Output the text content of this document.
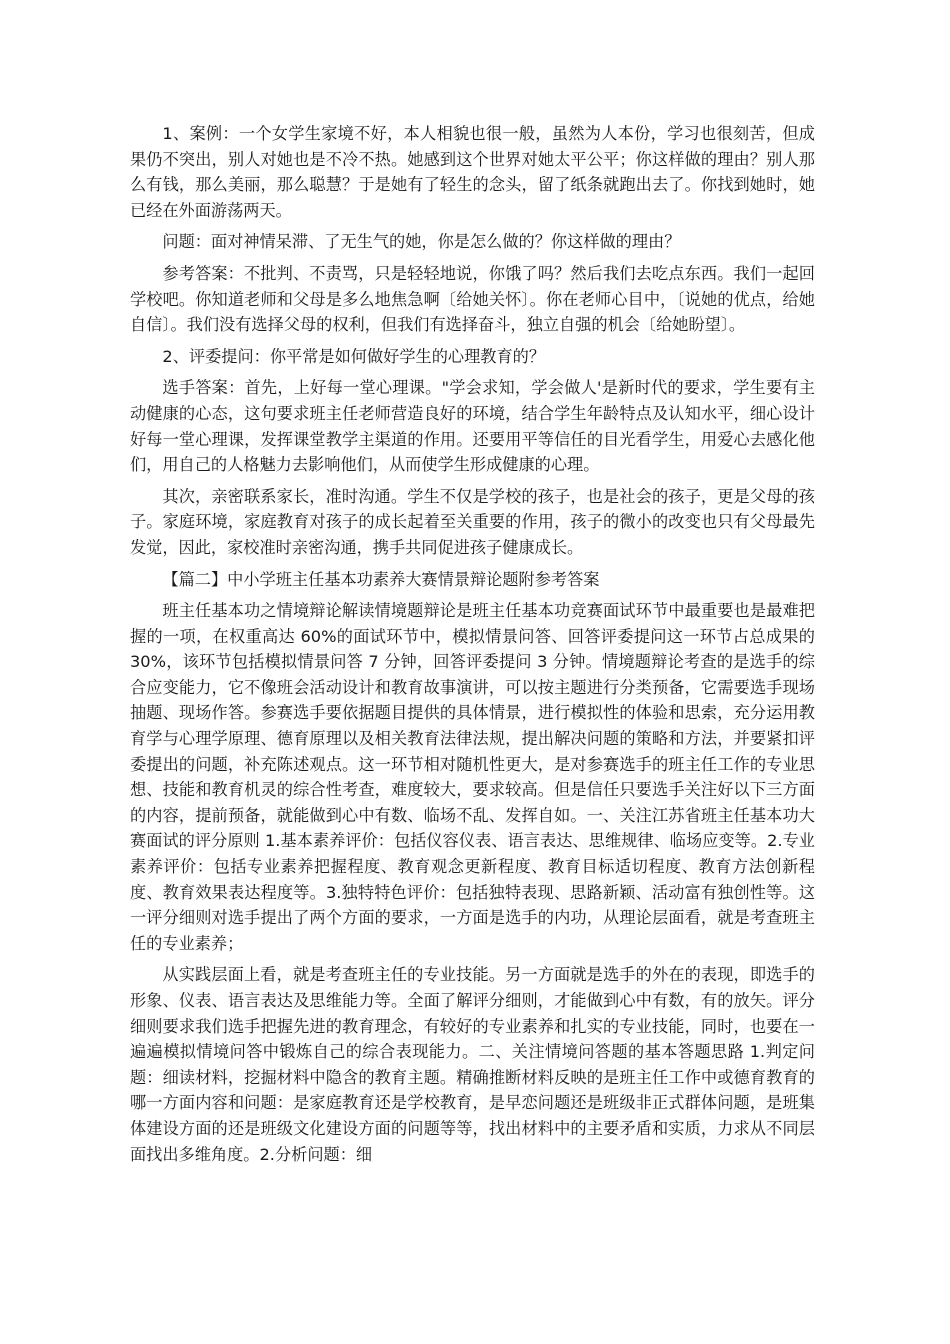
1、案例：一个女学生家境不好，本人相貌也很一般，虽然为人本份，学习也很刻苦，但成果仍不突出，别人对她也是不冷不热。她感到这个世界对她太平公平；你这样做的理由？别人那么有钱，那么美丽，那么聪慧？于是她有了轻生的念头，留了纸条就跑出去了。你找到她时，她已经在外面游荡两天。

问题：面对神情呆滞、了无生气的她，你是怎么做的？你这样做的理由？

参考答案：不批判、不责骂，只是轻轻地说，你饿了吗？然后我们去吃点东西。我们一起回学校吧。你知道老师和父母是多么地焦急啊〔给她关怀〕。你在老师心目中，〔说她的优点，给她自信〕。我们没有选择父母的权利，但我们有选择奋斗，独立自强的机会〔给她盼望〕。

2、评委提问：你平常是如何做好学生的心理教育的？

选手答案：首先，上好每一堂心理课。"学会求知，学会做人'是新时代的要求，学生要有主动健康的心态，这句要求班主任老师营造良好的环境，结合学生年龄特点及认知水平，细心设计好每一堂心理课，发挥课堂教学主渠道的作用。还要用平等信任的目光看学生，用爱心去感化他们，用自己的人格魅力去影响他们，从而使学生形成健康的心理。

其次，亲密联系家长，准时沟通。学生不仅是学校的孩子，也是社会的孩子，更是父母的孩子。家庭环境，家庭教育对孩子的成长起着至关重要的作用，孩子的微小的改变也只有父母最先发觉，因此，家校准时亲密沟通，携手共同促进孩子健康成长。

【篇二】中小学班主任基本功素养大赛情景辩论题附参考答案

班主任基本功之情境辩论解读情境题辩论是班主任基本功竞赛面试环节中最重要也是最难把握的一项，在权重高达 60%的面试环节中，模拟情景问答、回答评委提问这一环节占总成果的 30%，该环节包括模拟情景问答 7 分钟，回答评委提问 3 分钟。情境题辩论考查的是选手的综合应变能力，它不像班会活动设计和教育故事演讲，可以按主题进行分类预备，它需要选手现场抽题、现场作答。参赛选手要依据题目提供的具体情景，进行模拟性的体验和思索，充分运用教育学与心理学原理、德育原理以及相关教育法律法规，提出解决问题的策略和方法，并要紧扣评委提出的问题，补充陈述观点。这一环节相对随机性更大，是对参赛选手的班主任工作的专业思想、技能和教育机灵的综合性考查，难度较大，要求较高。但是信任只要选手关注好以下三方面的内容，提前预备，就能做到心中有数、临场不乱、发挥自如。一、关注江苏省班主任基本功大赛面试的评分原则 1.基本素养评价：包括仪容仪表、语言表达、思维规律、临场应变等。2.专业素养评价：包括专业素养把握程度、教育观念更新程度、教育目标适切程度、教育方法创新程度、教育效果表达程度等。3.独特特色评价：包括独特表现、思路新颖、活动富有独创性等。这一评分细则对选手提出了两个方面的要求，一方面是选手的内功，从理论层面看，就是考查班主任的专业素养；

从实践层面上看，就是考查班主任的专业技能。另一方面就是选手的外在的表现，即选手的形象、仪表、语言表达及思维能力等。全面了解评分细则，才能做到心中有数，有的放矢。评分细则要求我们选手把握先进的教育理念，有较好的专业素养和扎实的专业技能，同时，也要在一遍遍模拟情境问答中锻炼自己的综合表现能力。二、关注情境问答题的基本答题思路 1.判定问题：细读材料，挖掘材料中隐含的教育主题。精确推断材料反映的是班主任工作中或德育教育的哪一方面内容和问题：是家庭教育还是学校教育，是早恋问题还是班级非正式群体问题，是班集体建设方面的还是班级文化建设方面的问题等等，找出材料中的主要矛盾和实质，力求从不同层面找出多维角度。2.分析问题：细
